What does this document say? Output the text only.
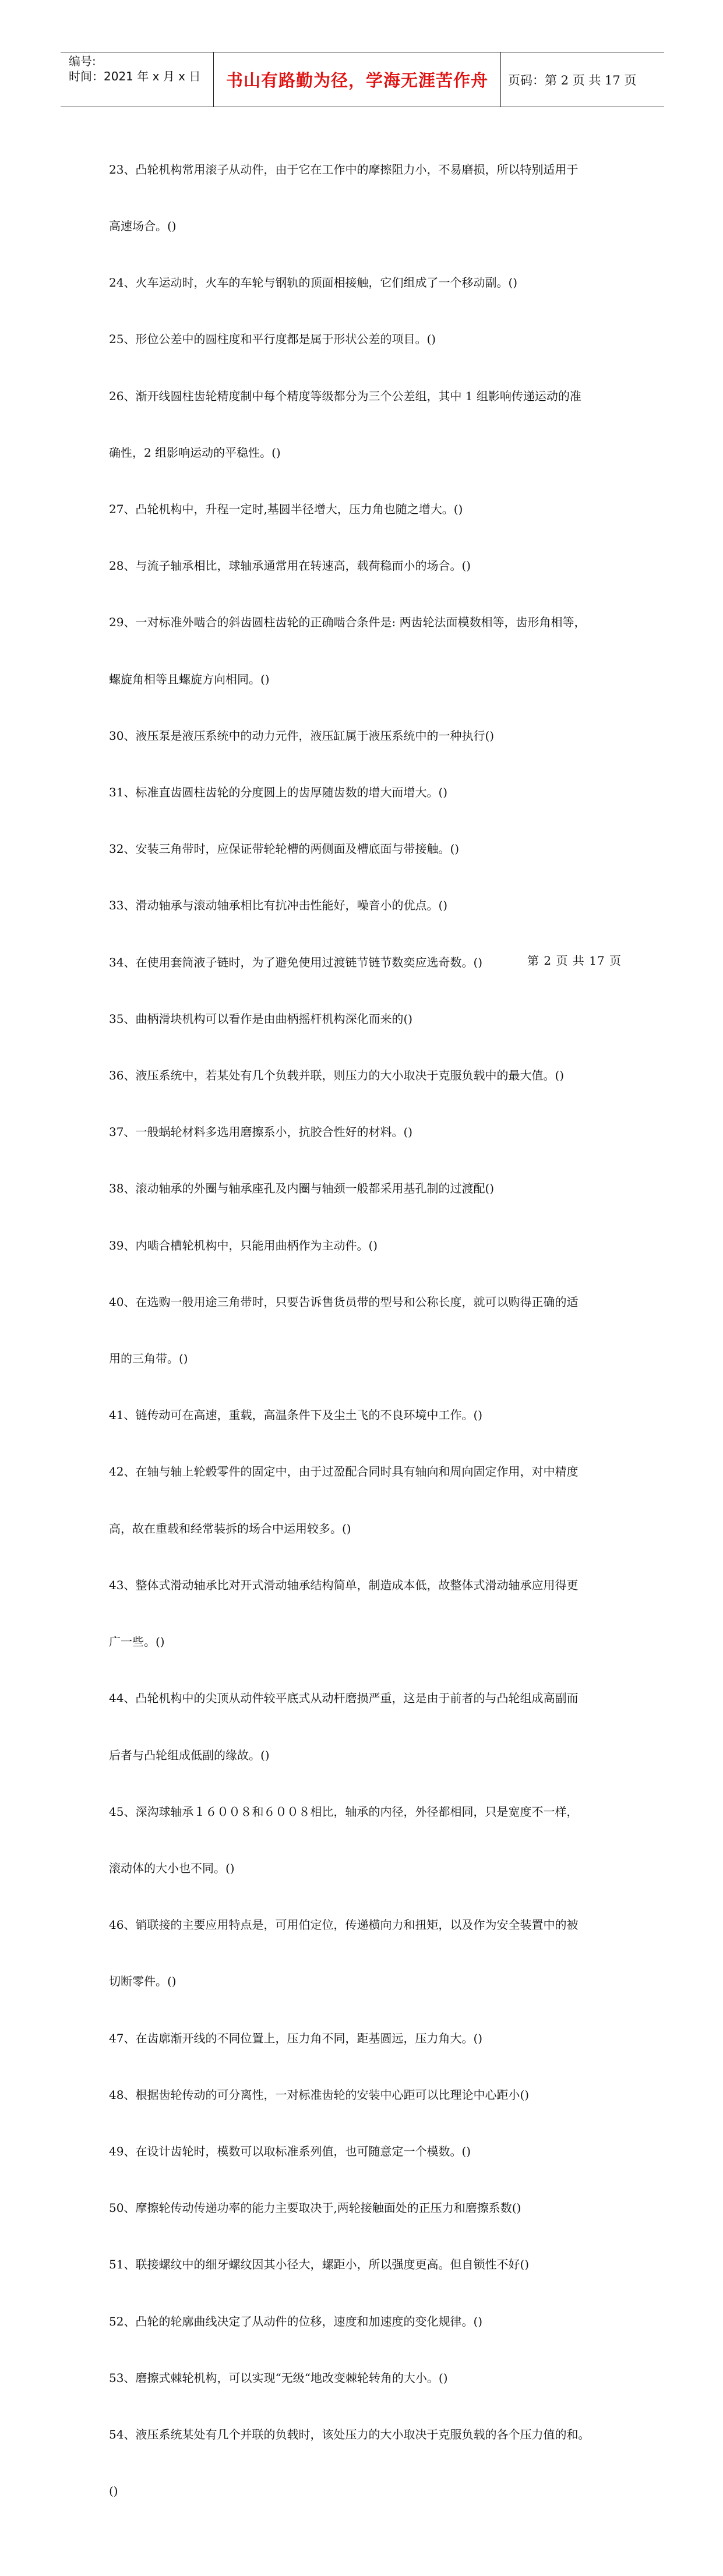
编号:
时间：2021 年 x 月 x 日	书山有路勤为径，学海无涯苦作舟	页码：第 2 页 共 17 页

23、凸轮机构常用滚子从动件，由于它在工作中的摩擦阻力小，不易磨损，所以特别适用于

高速场合。()

24、火车运动时，火车的车轮与钢轨的顶面相接触，它们组成了一个移动副。()

25、形位公差中的圆柱度和平行度都是属于形状公差的项目。()

26、渐开线圆柱齿轮精度制中每个精度等级都分为三个公差组，其中 1 组影响传递运动的准

确性，2 组影响运动的平稳性。()

27、凸轮机构中，升程一定时,基圆半径增大，压力角也随之增大。()

28、与流子轴承相比，球轴承通常用在转速高，载荷稳而小的场合。()

29、一对标准外啮合的斜齿圆柱齿轮的正确啮合条件是: 两齿轮法面模数相等，齿形角相等，

螺旋角相等且螺旋方向相同。()

30、液压泵是液压系统中的动力元件，液压缸属于液压系统中的一种执行()

31、标准直齿圆柱齿轮的分度圆上的齿厚随齿数的增大而增大。()

32、安装三角带时，应保证带轮轮槽的两侧面及槽底面与带接触。()

33、滑动轴承与滚动轴承相比有抗冲击性能好，噪音小的优点。()

34、在使用套筒液子链时，为了避免使用过渡链节链节数奕应选奇数。()

35、曲柄滑块机构可以看作是由曲柄摇杆机构深化而来的()

36、液压系统中，若某处有几个负载并联，则压力的大小取决于克服负载中的最大值。()

37、一般蜗轮材料多选用磨擦系小，抗胶合性好的材料。()

38、滚动轴承的外圈与轴承座孔及内圈与轴颈一般都采用基孔制的过渡配()

39、内啮合槽轮机构中，只能用曲柄作为主动件。()

40、在选购一般用途三角带时，只要告诉售货员带的型号和公称长度，就可以购得正确的适

用的三角带。()

41、链传动可在高速，重载，高温条件下及尘土飞的不良环境中工作。()

42、在轴与轴上轮毂零件的固定中，由于过盈配合同时具有轴向和周向固定作用，对中精度

高，故在重载和经常装拆的场合中运用较多。()

43、整体式滑动轴承比对开式滑动轴承结构简单，制造成本低，故整体式滑动轴承应用得更

广一些。()

44、凸轮机构中的尖顶从动件较平底式从动杆磨损严重，这是由于前者的与凸轮组成高副而

后者与凸轮组成低副的缘故。()

45、深沟球轴承１６００８和６００８相比，轴承的内径，外径都相同，只是宽度不一样，

滚动体的大小也不同。()

46、销联接的主要应用特点是，可用伯定位，传递横向力和扭矩，以及作为安全装置中的被

切断零件。()

47、在齿廓渐开线的不同位置上，压力角不同，距基圆远，压力角大。()

48、根据齿轮传动的可分离性，一对标准齿轮的安装中心距可以比理论中心距小()

49、在设计齿轮时，模数可以取标准系列值，也可随意定一个模数。()

50、摩擦轮传动传递功率的能力主要取决于,两轮接触面处的正压力和磨擦系数()

51、联接螺纹中的细牙螺纹因其小径大，螺距小，所以强度更高。但自锁性不好()

52、凸轮的轮廓曲线决定了从动件的位移，速度和加速度的变化规律。()

53、磨擦式棘轮机构，可以实现“无级“地改变棘轮转角的大小。()

54、液压系统某处有几个并联的负载时，该处压力的大小取决于克服负载的各个压力值的和。

()

第 2 页 共 17 页
